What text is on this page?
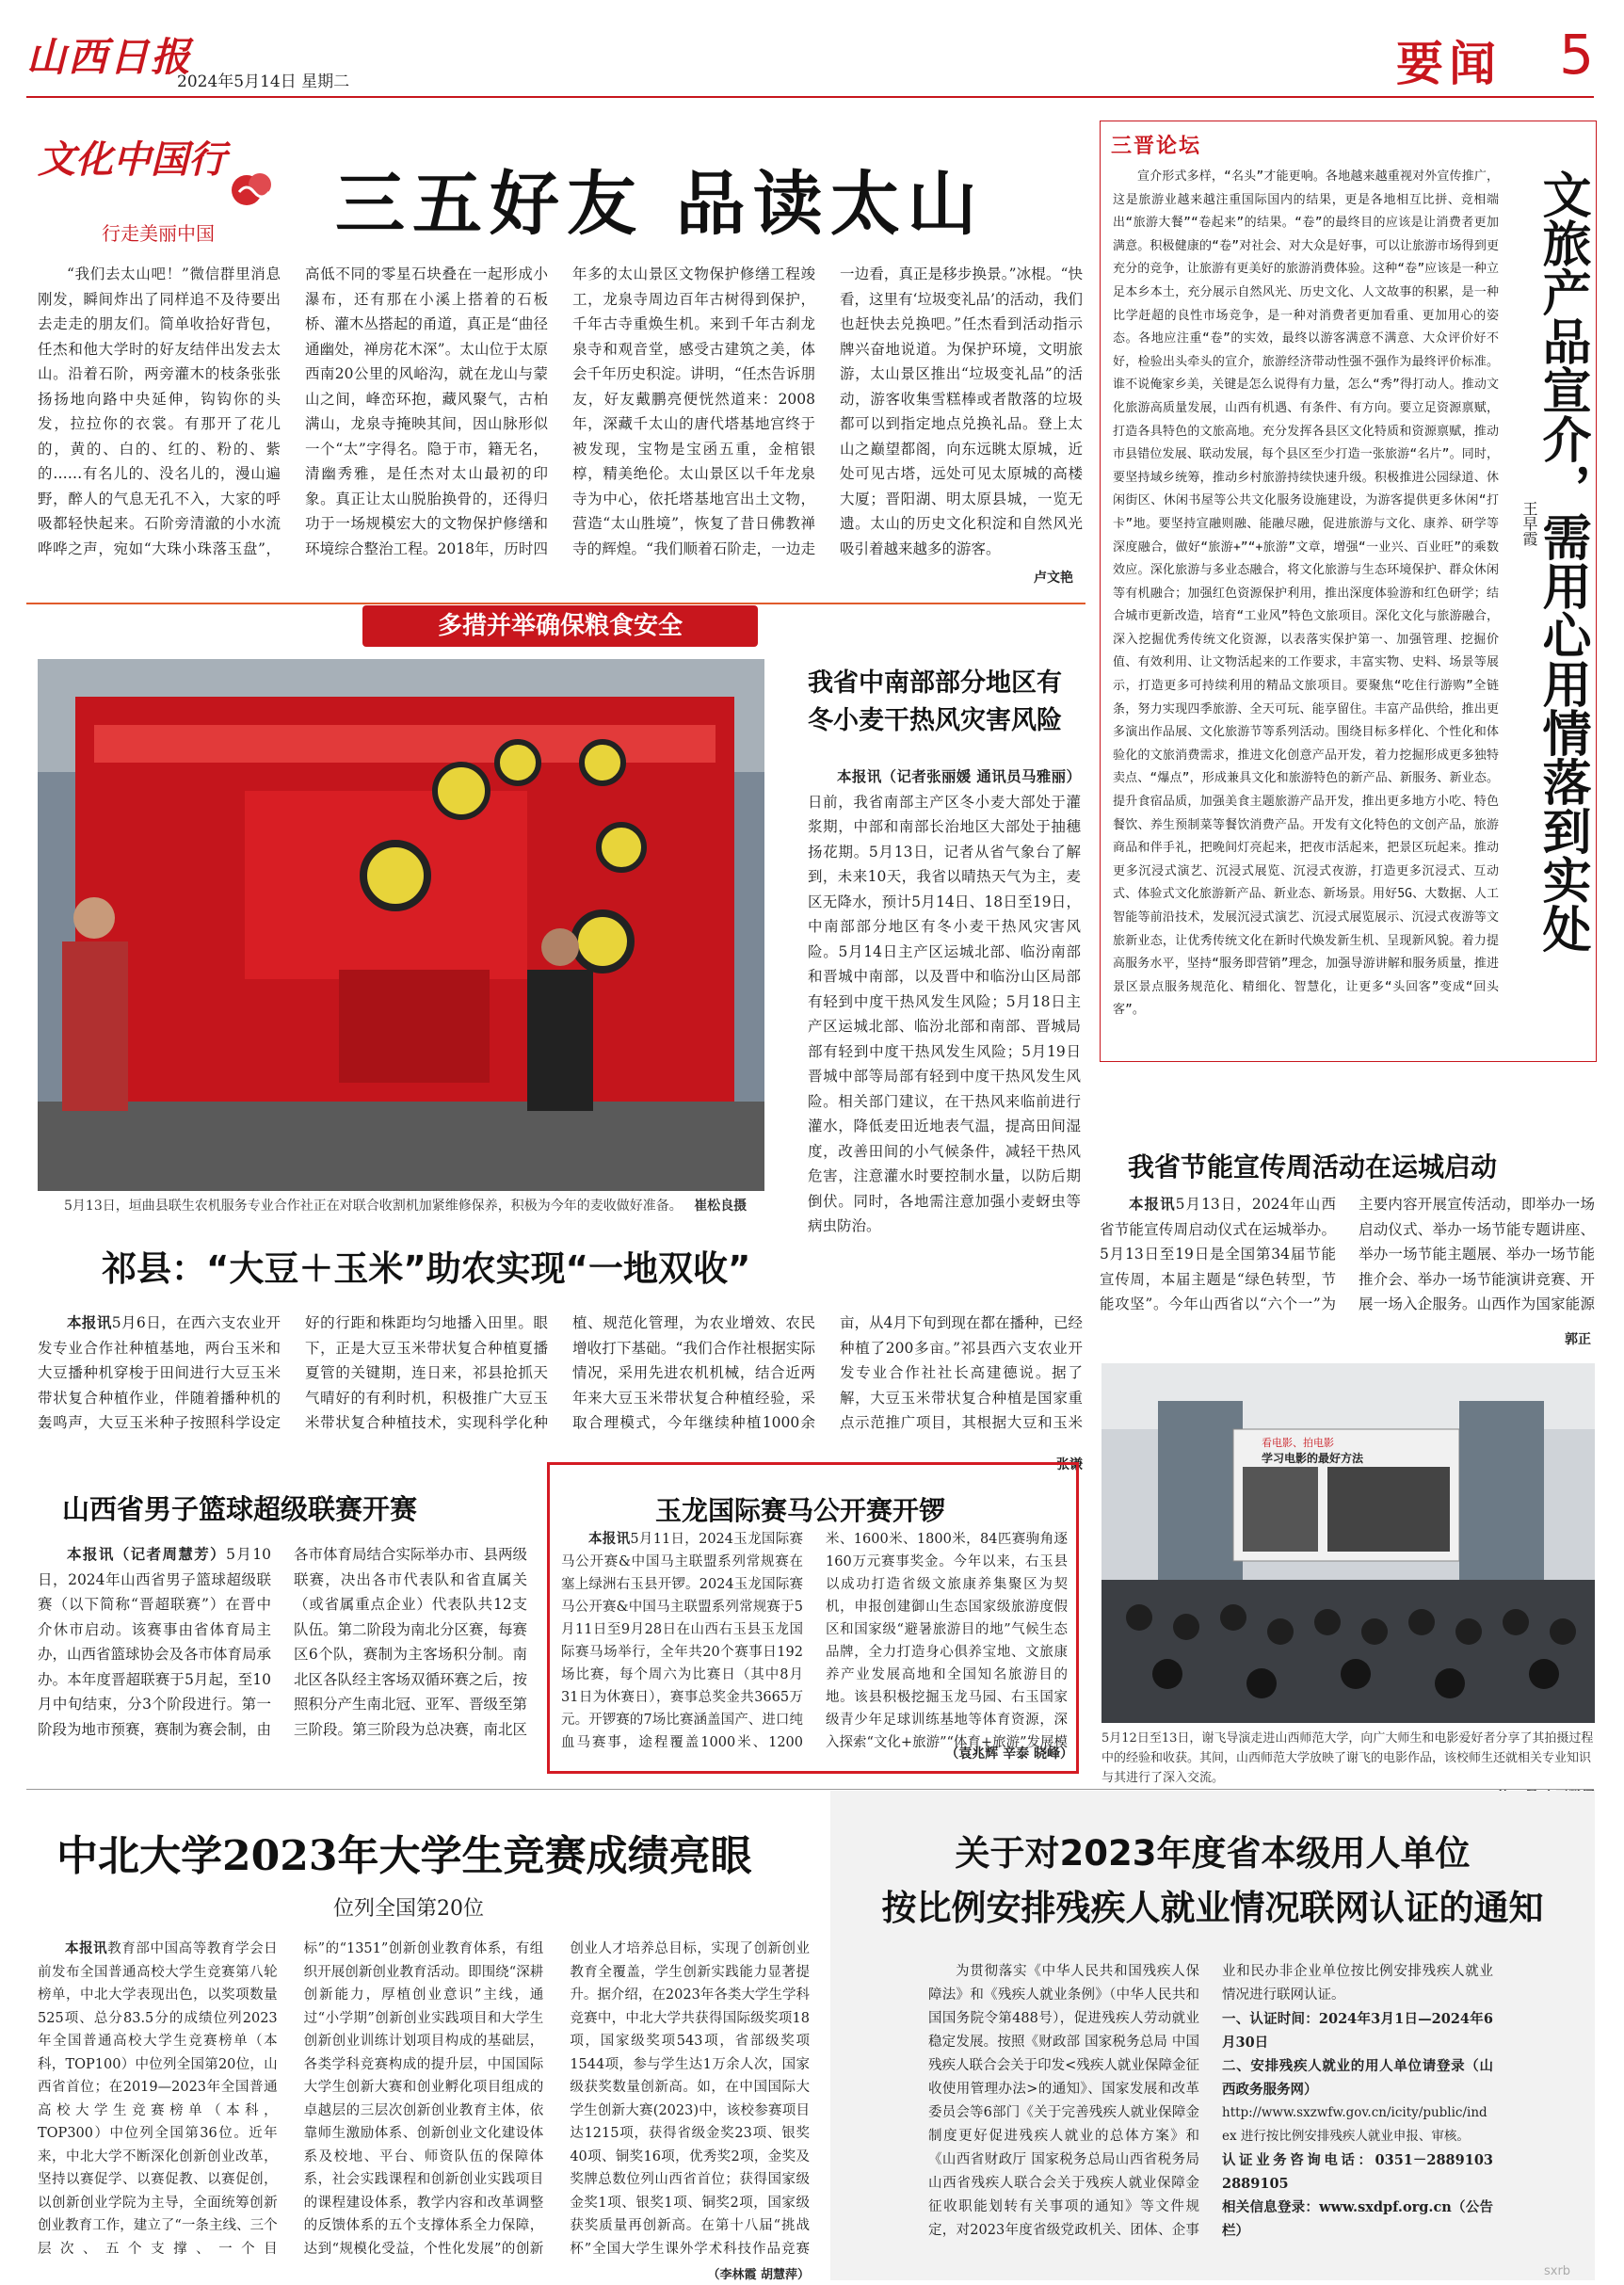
山西日报
2024年5月14日 星期二	要闻 5
文化中国行
行走美丽中国 三五好友 品读太山

“我们去太山吧！”微信群里消息刚发，瞬间炸出了同样追不及待要出去走走的朋友们。简单收拾好背包，任杰和他大学时的好友结伴出发去太山。沿着石阶，两旁灌木的枝条张张扬扬地向路中央延伸，钩钩你的头发，拉拉你的衣裳。有那开了花儿的，黄的、白的、红的、粉的、紫的……有名儿的、没名儿的，漫山遍野，醉人的气息无孔不入，大家的呼吸都轻快起来。石阶旁清澈的小水流哗哗之声，宛如“大珠小珠落玉盘”，高低不同的零星石块叠在一起形成小瀑布，还有那在小溪上搭着的石板桥、灌木丛搭起的甬道，真正是“曲径通幽处，禅房花木深”。太山位于太原西南20公里的风峪沟，就在龙山与蒙山之间，峰峦环抱，藏风聚气，古柏满山，龙泉寺掩映其间，因山脉形似一个“太”字得名。隐于市，籍无名，清幽秀雅，是任杰对太山最初的印象。真正让太山脱胎换骨的，还得归功于一场规模宏大的文物保护修缮和环境综合整治工程。2018年，历时四年多的太山景区文物保护修缮工程竣工，龙泉寺周边百年古树得到保护，千年古寺重焕生机。来到千年古刹龙泉寺和观音堂，感受古建筑之美，体会千年历史积淀。讲明，“任杰告诉朋友，好友戴鹏亮便恍然道来：2008年，深藏千太山的唐代塔基地宫终于被发现，宝物是宝函五重，金棺银椁，精美绝伦。太山景区以千年龙泉寺为中心，依托塔基地宫出土文物，营造“太山胜境”，恢复了昔日佛教禅寺的辉煌。“我们顺着石阶走，一边走一边看，真正是移步换景。”冰棍。“快看，这里有‘垃圾变礼品’的活动，我们也赶快去兑换吧。”任杰看到活动指示牌兴奋地说道。为保护环境，文明旅游，太山景区推出“垃圾变礼品”的活动，游客收集雪糕棒或者散落的垃圾都可以到指定地点兑换礼品。登上太山之巅望都阁，向东远眺太原城，近处可见古塔，远处可见太原城的高楼大厦；晋阳湖、明太原县城，一览无遗。太山的历史文化积淀和自然风光吸引着越来越多的游客。

卢文艳
三晋论坛
文旅产品宣介，需用心用情落到实处
王早霞

宣介形式多样，“名头”才能更响。各地越来越重视对外宣传推广，这是旅游业越来越注重国际国内的结果，更是各地相互比拼、竞相端出“旅游大餐”“卷起来”的结果。“卷”的最终目的应该是让消费者更加满意。积极健康的“卷”对社会、对大众是好事，可以让旅游市场得到更充分的竞争，让旅游有更美好的旅游消费体验。这种“卷”应该是一种立足本乡本土，充分展示自然风光、历史文化、人文故事的积累，是一种比学赶超的良性市场竞争，是一种对消费者更加看重、更加用心的姿态。各地应注重“卷”的实效，最终以游客满意不满意、大众评价好不好，检验出头牵头的宣介，旅游经济带动性强不强作为最终评价标准。谁不说俺家乡美，关键是怎么说得有力量，怎么“秀”得打动人。推动文化旅游高质量发展，山西有机遇、有条件、有方向。要立足资源禀赋，打造各具特色的文旅高地。充分发挥各县区文化特质和资源禀赋，推动市县错位发展、联动发展，每个县区至少打造一张旅游“名片”。同时，要坚持域乡统筹，推动乡村旅游持续快速升级。积极推进公园绿道、休闲街区、休闲书屋等公共文化服务设施建设，为游客提供更多休闲“打卡”地。要坚持宣融则融、能融尽融，促进旅游与文化、康养、研学等深度融合，做好“旅游+”“+旅游”文章，增强“一业兴、百业旺”的乘数效应。深化旅游与多业态融合，将文化旅游与生态环境保护、群众休闲等有机融合；加强红色资源保护利用，推出深度体验游和红色研学；结合城市更新改造，培育“工业风”特色文旅项目。深化文化与旅游融合，深入挖掘优秀传统文化资源，以表落实保护第一、加强管理、挖掘价值、有效利用、让文物活起来的工作要求，丰富实物、史料、场景等展示，打造更多可持续利用的精品文旅项目。要聚焦“吃住行游购”全链条，努力实现四季旅游、全天可玩、能享留住。丰富产品供给，推出更多演出作品展、文化旅游节等系列活动。围绕目标多样化、个性化和体验化的文旅消费需求，推进文化创意产品开发，着力挖掘形成更多独特卖点、“爆点”，形成兼具文化和旅游特色的新产品、新服务、新业态。提升食宿品质，加强美食主题旅游产品开发，推出更多地方小吃、特色餐饮、养生预制菜等餐饮消费产品。开发有文化特色的文创产品，旅游商品和伴手礼，把晚间灯亮起来，把夜市活起来，把景区玩起来。推动更多沉浸式演艺、沉浸式展览、沉浸式夜游，打造更多沉浸式、互动式、体验式文化旅游新产品、新业态、新场景。用好5G、大数据、人工智能等前沿技术，发展沉浸式演艺、沉浸式展览展示、沉浸式夜游等文旅新业态，让优秀传统文化在新时代焕发新生机、呈现新风貌。着力提高服务水平，坚持“服务即营销”理念，加强导游讲解和服务质量，推进景区景点服务规范化、精细化、智慧化，让更多“头回客”变成“回头客”。

多措并举确保粮食安全
5月13日，垣曲县联生农机服务专业合作社正在对联合收割机加紧维修保养，积极为今年的麦收做好准备。 崔松良摄
我省中南部部分地区有冬小麦干热风灾害风险

本报讯（记者张丽媛 通讯员马雅丽）日前，我省南部主产区冬小麦大部处于灌浆期，中部和南部长治地区大部处于抽穗扬花期。5月13日，记者从省气象台了解到，未来10天，我省以晴热天气为主，麦区无降水，预计5月14日、18日至19日，中南部部分地区有冬小麦干热风灾害风险。5月14日主产区运城北部、临汾南部和晋城中南部，以及晋中和临汾山区局部有轻到中度干热风发生风险；5月18日主产区运城北部、临汾北部和南部、晋城局部有轻到中度干热风发生风险；5月19日晋城中部等局部有轻到中度干热风发生风险。相关部门建议，在干热风来临前进行灌水，降低麦田近地表气温，提高田间湿度，改善田间的小气候条件，减轻干热风危害，注意灌水时要控制水量，以防后期倒伏。同时，各地需注意加强小麦蚜虫等病虫防治。

祁县：“大豆＋玉米”助农实现“一地双收”

本报讯5月6日，在西六支农业开发专业合作社种植基地，两台玉米和大豆播种机穿梭于田间进行大豆玉米带状复合种植作业，伴随着播种机的轰鸣声，大豆玉米种子按照科学设定好的行距和株距均匀地播入田里。眼下，正是大豆玉米带状复合种植夏播夏管的关键期，连日来，祁县抢抓天气晴好的有利时机，积极推广大豆玉米带状复合种植技术，实现科学化种植、规范化管理，为农业增效、农民增收打下基础。“我们合作社根据实际情况，采用先进农机机械，结合近两年来大豆玉米带状复合种植经验，采取合理模式，今年继续种植1000余亩，从4月下旬到现在都在播种，已经种植了200多亩。”祁县西六支农业开发专业合作社社长高建德说。据了解，大豆玉米带状复合种植是国家重点示范推广项目，其根据大豆和玉米

张谦
我省节能宣传周活动在运城启动

本报讯5月13日，2024年山西省节能宣传周启动仪式在运城举办。5月13日至19日是全国第34届节能宣传周，本届主题是“绿色转型，节能攻坚”。今年山西省以“六个一”为主要内容开展宣传活动，即举办一场启动仪式、举办一场节能专题讲座、举办一场节能主题展、举办一场节能推介会、举办一场节能演讲竞赛、开展一场入企服务。山西作为国家能源

郭正
看电影、拍电影
学习电影的最好方法
5月12日至13日，谢飞导演走进山西师范大学，向广大师生和电影爱好者分享了其拍摄过程中的经验和收获。其间，山西师范大学放映了谢飞的电影作品，该校师生还就相关专业知识与其进行了深入交流。
山西省男子篮球超级联赛开赛

本报讯（记者周慧芳）5月10日，2024年山西省男子篮球超级联赛（以下简称“晋超联赛”）在晋中介休市启动。该赛事由省体育局主办，山西省篮球协会及各市体育局承办。本年度晋超联赛于5月起，至10月中旬结束，分3个阶段进行。第一阶段为地市预赛，赛制为赛会制，由各市体育局结合实际举办市、县两级联赛，决出各市代表队和省直属关（或省属重点企业）代表队共12支队伍。第二阶段为南北分区赛，每赛区6个队，赛制为主客场积分制。南北区各队经主客场双循环赛之后，按照积分产生南北冠、亚军、晋级至第三阶段。第三阶段为总决赛，南北区

玉龙国际赛马公开赛开锣

本报讯5月11日，2024玉龙国际赛马公开赛&中国马主联盟系列常规赛在塞上绿洲右玉县开锣。2024玉龙国际赛马公开赛&中国马主联盟系列常规赛于5月11日至9月28日在山西右玉县玉龙国际赛马场举行，全年共20个赛事日192场比赛，每个周六为比赛日（其中8月31日为休赛日），赛事总奖金共3665万元。开锣赛的7场比赛涵盖国产、进口纯血马赛事，途程覆盖1000米、1200米、1600米、1800米，84匹赛驹角逐160万元赛事奖金。今年以来，右玉县以成功打造省级文旅康养集聚区为契机，申报创建御山生态国家级旅游度假区和国家级“避暑旅游目的地”气候生态品牌，全力打造身心俱养宝地、文旅康养产业发展高地和全国知名旅游目的地。该县积极挖掘玉龙马园、右玉国家级青少年足球训练基地等体育资源，深入探索“文化+旅游”“体育+旅游”发展模

（袁兆辉 辛泰 晓峰）
中北大学2023年大学生竞赛成绩亮眼
位列全国第20位

本报讯教育部中国高等教育学会日前发布全国普通高校大学生竞赛第八轮榜单，中北大学表现出色，以奖项数量525项、总分83.5分的成绩位列2023年全国普通高校大学生竞赛榜单（本科，TOP100）中位列全国第20位，山西省首位；在2019—2023年全国普通高校大学生竞赛榜单（本科，TOP300）中位列全国第36位。近年来，中北大学不断深化创新创业改革，坚持以赛促学、以赛促教、以赛促创，以创新创业学院为主导，全面统筹创新创业教育工作，建立了“一条主线、三个层次、五个支撑、一个目标”的“1351”创新创业教育体系，有组织开展创新创业教育活动。即围绕“深耕创新能力，厚植创业意识”主线，通过“小学期”创新创业实践项目和大学生创新创业训练计划项目构成的基础层，各类学科竞赛构成的提升层，中国国际大学生创新大赛和创业孵化项目组成的卓越层的三层次创新创业教育主体，依靠师生激励体系、创新创业文化建设体系及校地、平台、师资队伍的保障体系，社会实践课程和创新创业实践项目的课程建设体系，教学内容和改革调整的反馈体系的五个支撑体系全力保障，达到“规模化受益，个性化发展”的创新创业人才培养总目标，实现了创新创业教育全覆盖，学生创新实践能力显著提升。据介绍，在2023年各类大学生学科竞赛中，中北大学共获得国际级奖项18项，国家级奖项543项，省部级奖项1544项，参与学生达1万余人次，国家级获奖数量创新高。如，在中国国际大学生创新大赛(2023)中，该校参赛项目达1215项，获得省级金奖23项、银奖40项、铜奖16项，优秀奖2项，金奖及奖牌总数位列山西省首位；获得国家级金奖1项、银奖1项、铜奖2项，国家级获奖质量再创新高。在第十八届“挑战杯”全国大学生课外学术科技作品竞赛

（李林霞 胡慧萍）
关于对2023年度省本级用人单位
按比例安排残疾人就业情况联网认证的通知

为贯彻落实《中华人民共和国残疾人保障法》和《残疾人就业条例》（中华人民共和国国务院令第488号），促进残疾人劳动就业稳定发展。按照《财政部 国家税务总局 中国残疾人联合会关于印发<残疾人就业保障金征收使用管理办法>的通知》、国家发展和改革委员会等6部门《关于完善残疾人就业保障金制度更好促进残疾人就业的总体方案》和《山西省财政厅 国家税务总局山西省税务局 山西省残疾人联合会关于残疾人就业保障金征收职能划转有关事项的通知》等文件规定，对2023年度省级党政机关、团体、企事业和民办非企业单位按比例安排残疾人就业情况进行联网认证。

一、认证时间：2024年3月1日—2024年6月30日
二、安排残疾人就业的用人单位请登录（山西政务服务网）
http://www.sxzwfw.gov.cn/icity/public/index 进行按比例安排残疾人就业申报、审核。
认证业务咨询电话：0351－2889103 2889105
相关信息登录：www.sxdpf.org.cn（公告栏）
sxrb
